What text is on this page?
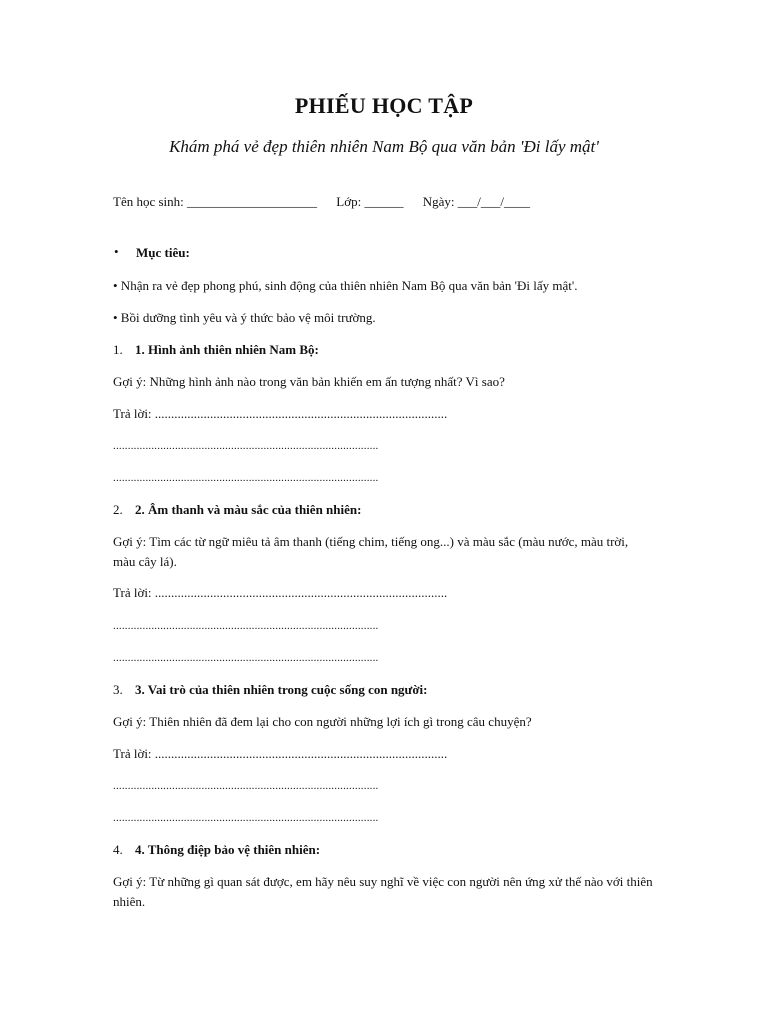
PHIẾU HỌC TẬP
Khám phá vẻ đẹp thiên nhiên Nam Bộ qua văn bản 'Đi lấy mật'
Tên học sinh: ____________________ Lớp: ______ Ngày: ___/___/____
• Mục tiêu:
• Nhận ra vẻ đẹp phong phú, sinh động của thiên nhiên Nam Bộ qua văn bản 'Đi lấy mật'.
• Bồi dưỡng tình yêu và ý thức bảo vệ môi trường.
1. 1. Hình ảnh thiên nhiên Nam Bộ:
Gợi ý: Những hình ảnh nào trong văn bản khiến em ấn tượng nhất? Vì sao?
Trả lời: ..........................................................................................
..........................................................................................
..........................................................................................
2. 2. Âm thanh và màu sắc của thiên nhiên:
Gợi ý: Tìm các từ ngữ miêu tả âm thanh (tiếng chim, tiếng ong...) và màu sắc (màu nước, màu trời, màu cây lá).
Trả lời: ..........................................................................................
..........................................................................................
..........................................................................................
3. 3. Vai trò của thiên nhiên trong cuộc sống con người:
Gợi ý: Thiên nhiên đã đem lại cho con người những lợi ích gì trong câu chuyện?
Trả lời: ..........................................................................................
..........................................................................................
..........................................................................................
4. 4. Thông điệp bảo vệ thiên nhiên:
Gợi ý: Từ những gì quan sát được, em hãy nêu suy nghĩ về việc con người nên ứng xử thế nào với thiên nhiên.
